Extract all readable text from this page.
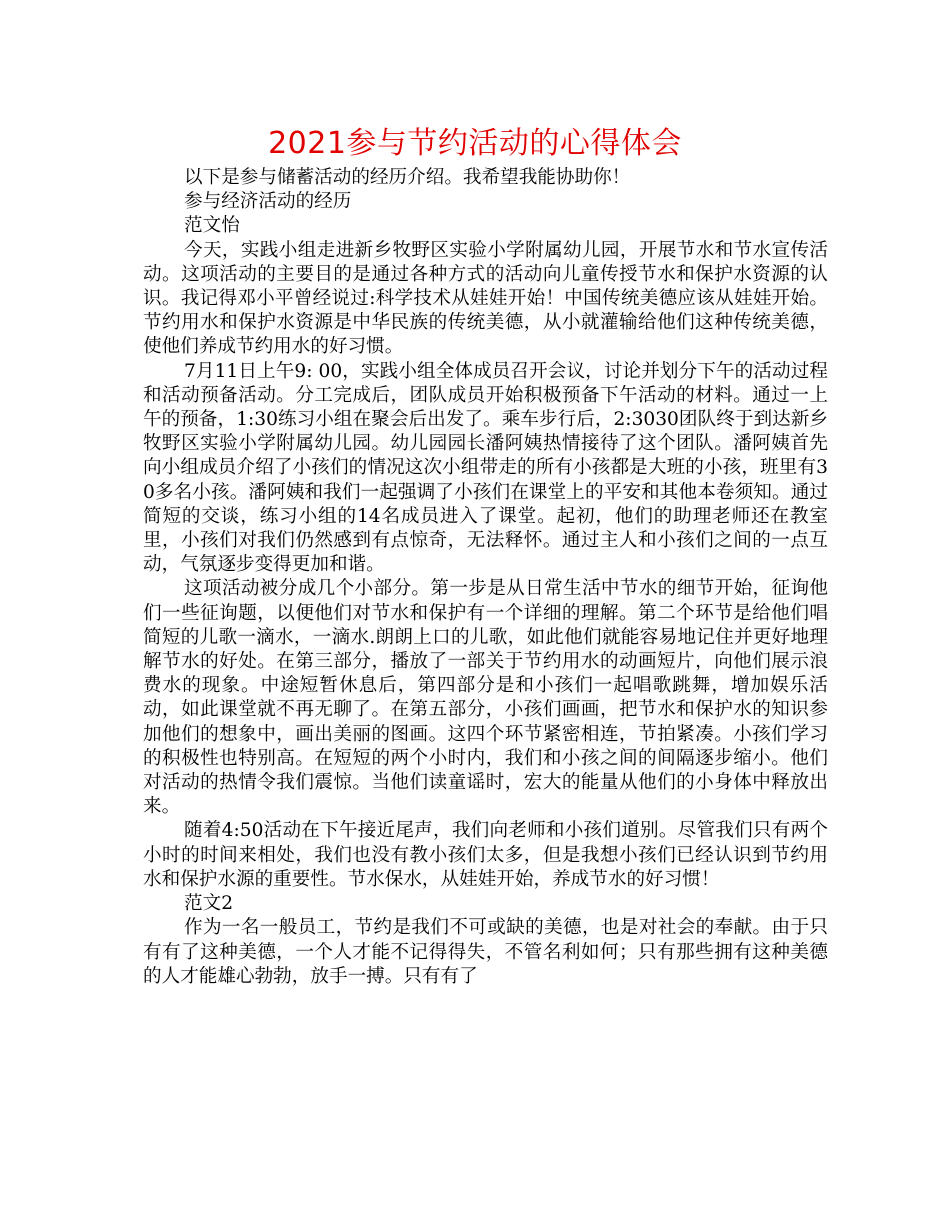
2021参与节约活动的心得体会

以下是参与储蓄活动的经历介绍。我希望我能协助你！

参与经济活动的经历

范文怡

今天，实践小组走进新乡牧野区实验小学附属幼儿园，开展节水和节水宣传活动。这项活动的主要目的是通过各种方式的活动向儿童传授节水和保护水资源的认识。我记得邓小平曾经说过:科学技术从娃娃开始！中国传统美德应该从娃娃开始。节约用水和保护水资源是中华民族的传统美德，从小就灌输给他们这种传统美德，使他们养成节约用水的好习惯。

7月11日上午9: 00，实践小组全体成员召开会议，讨论并划分下午的活动过程和活动预备活动。分工完成后，团队成员开始积极预备下午活动的材料。通过一上午的预备，1:30练习小组在聚会后出发了。乘车步行后，2:3030团队终于到达新乡牧野区实验小学附属幼儿园。幼儿园园长潘阿姨热情接待了这个团队。潘阿姨首先向小组成员介绍了小孩们的情况这次小组带走的所有小孩都是大班的小孩，班里有30多名小孩。潘阿姨和我们一起强调了小孩们在课堂上的平安和其他本卷须知。通过简短的交谈，练习小组的14名成员进入了课堂。起初，他们的助理老师还在教室里，小孩们对我们仍然感到有点惊奇，无法释怀。通过主人和小孩们之间的一点互动，气氛逐步变得更加和谐。

这项活动被分成几个小部分。第一步是从日常生活中节水的细节开始，征询他们一些征询题，以便他们对节水和保护有一个详细的理解。第二个环节是给他们唱简短的儿歌一滴水，一滴水.朗朗上口的儿歌，如此他们就能容易地记住并更好地理解节水的好处。在第三部分，播放了一部关于节约用水的动画短片，向他们展示浪费水的现象。中途短暂休息后，第四部分是和小孩们一起唱歌跳舞，增加娱乐活动，如此课堂就不再无聊了。在第五部分，小孩们画画，把节水和保护水的知识参加他们的想象中，画出美丽的图画。这四个环节紧密相连，节拍紧凑。小孩们学习的积极性也特别高。在短短的两个小时内，我们和小孩之间的间隔逐步缩小。他们对活动的热情令我们震惊。当他们读童谣时，宏大的能量从他们的小身体中释放出来。

随着4:50活动在下午接近尾声，我们向老师和小孩们道别。尽管我们只有两个小时的时间来相处，我们也没有教小孩们太多，但是我想小孩们已经认识到节约用水和保护水源的重要性。节水保水，从娃娃开始，养成节水的好习惯！

范文2

作为一名一般员工，节约是我们不可或缺的美德，也是对社会的奉献。由于只有有了这种美德，一个人才能不记得得失，不管名利如何；只有那些拥有这种美德的人才能雄心勃勃，放手一搏。只有有了
